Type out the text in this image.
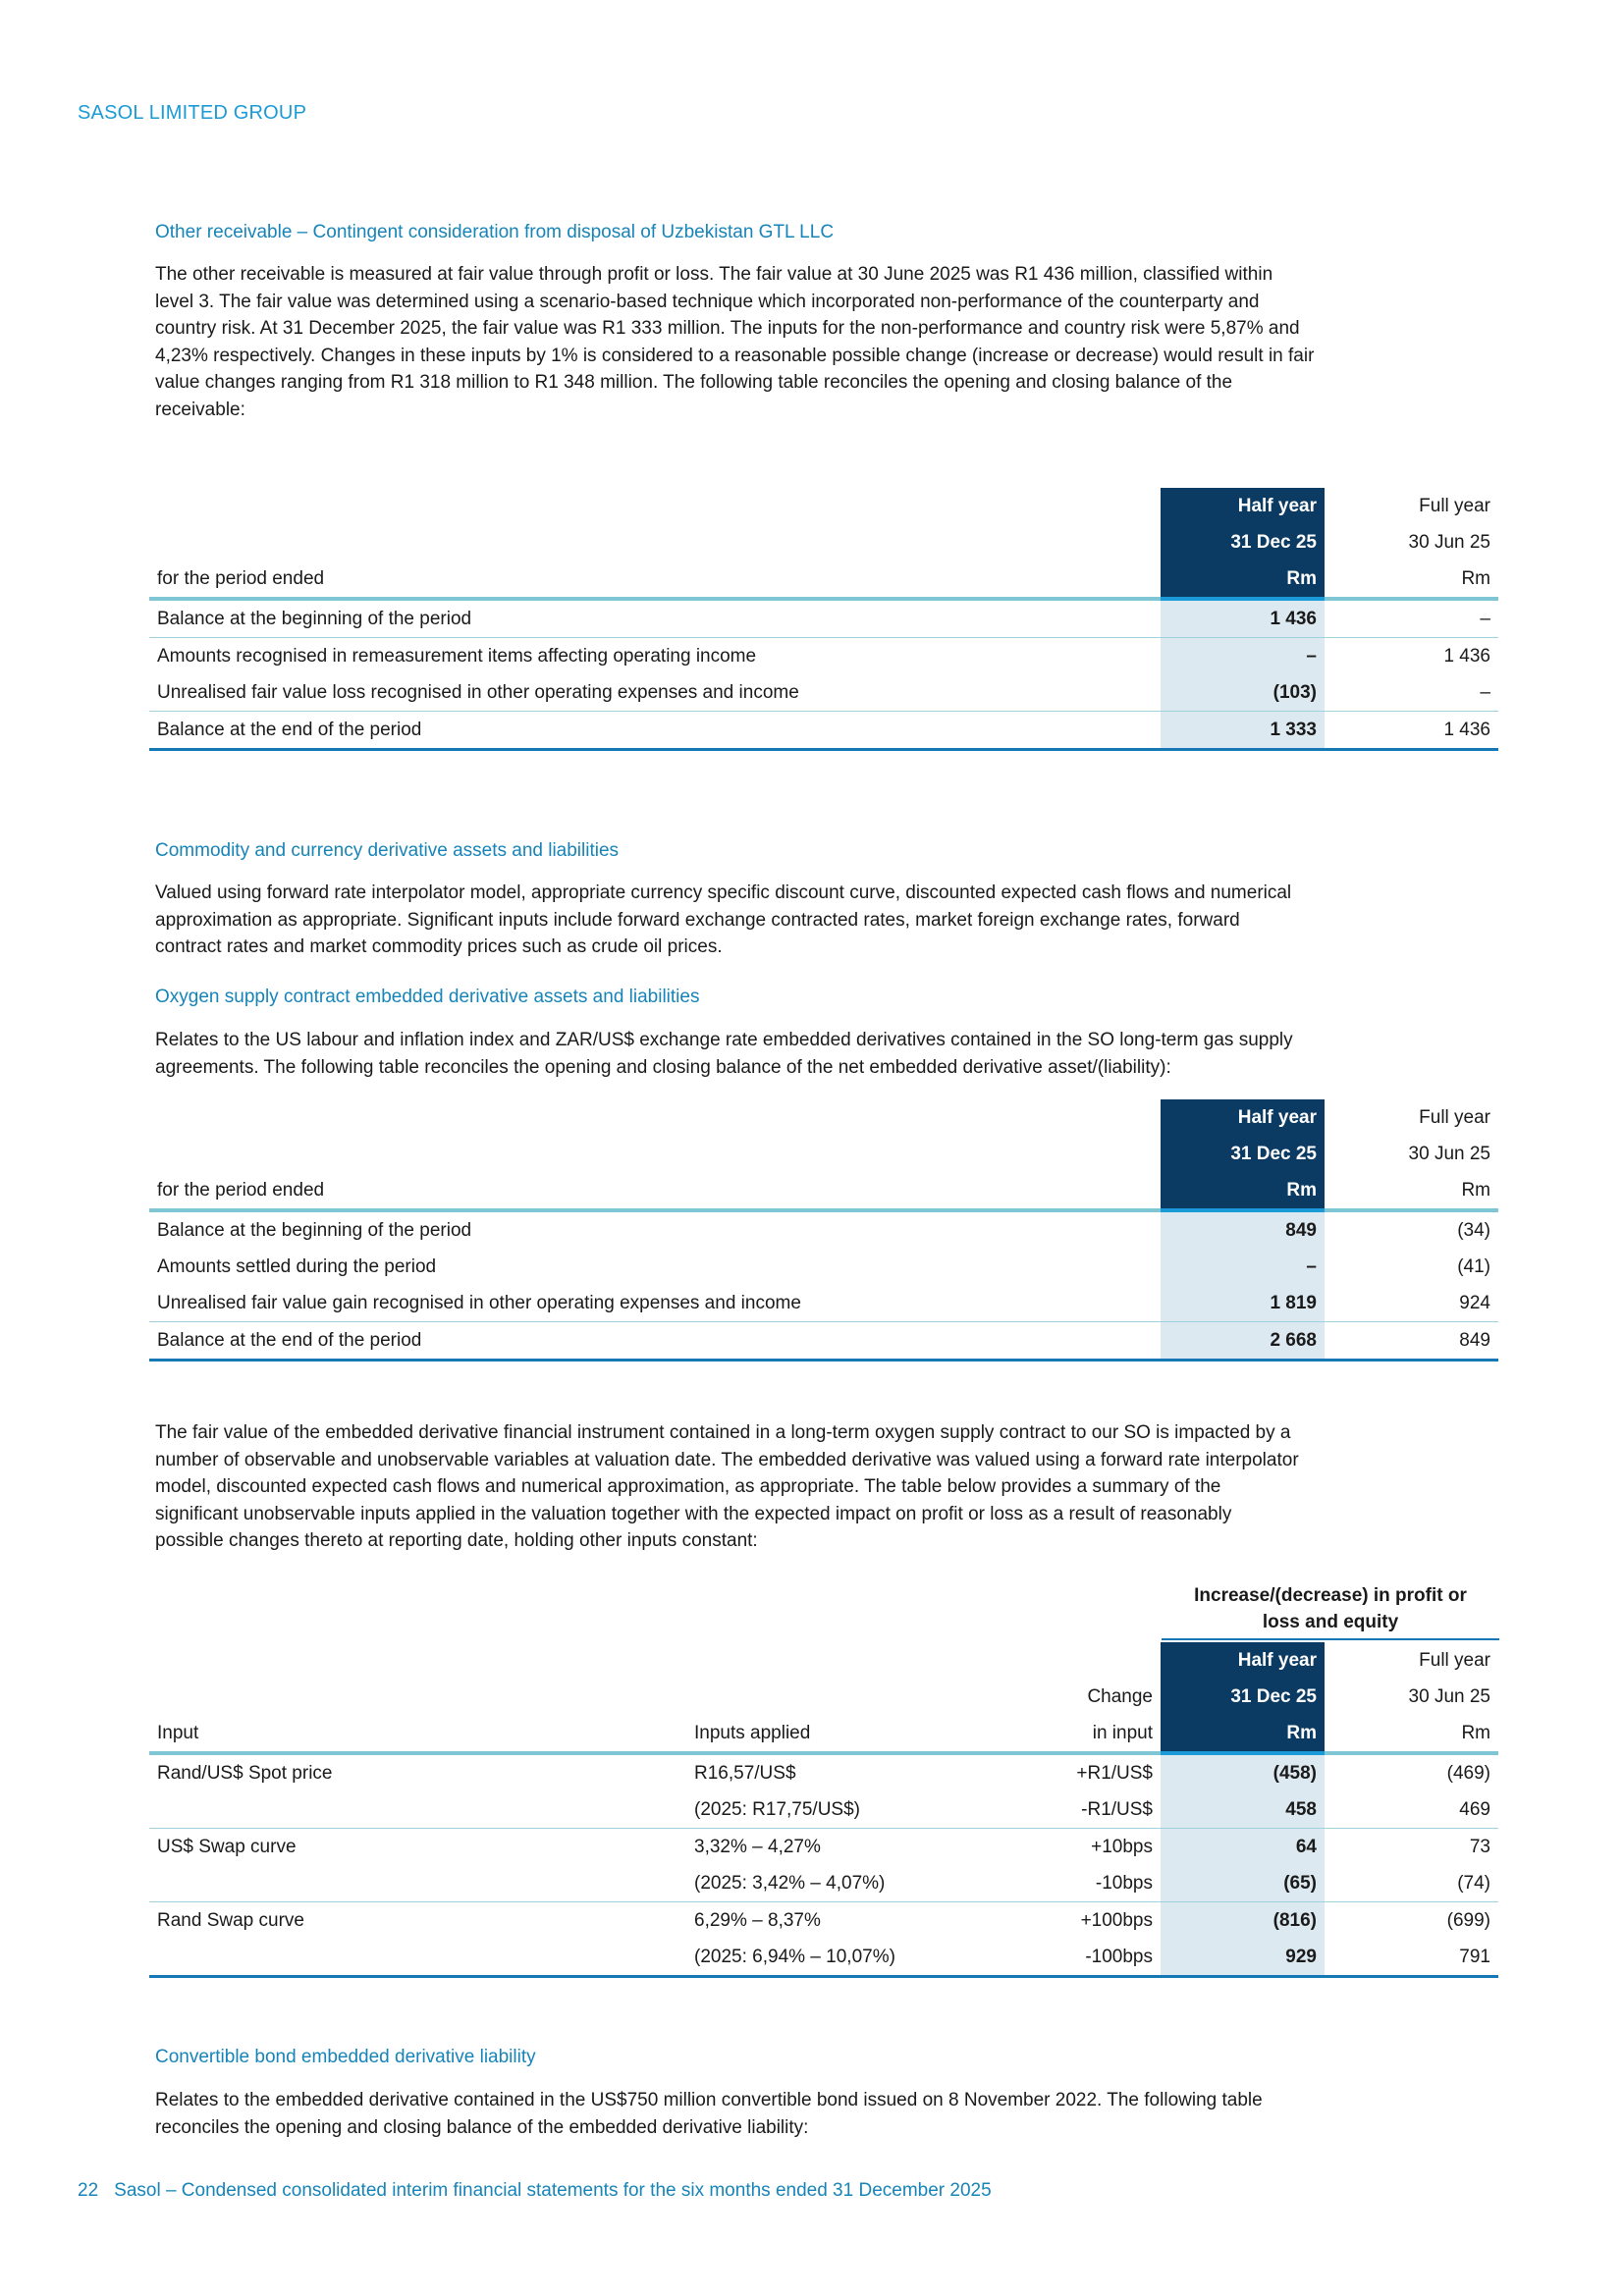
SASOL LIMITED GROUP
Other receivable – Contingent consideration from disposal of Uzbekistan GTL LLC

The other receivable is measured at fair value through profit or loss. The fair value at 30 June 2025 was R1 436 million, classified within

level 3. The fair value was determined using a scenario-based technique which incorporated non-performance of the counterparty and

country risk. At 31 December 2025, the fair value was R1 333 million. The inputs for the non-performance and country risk were 5,87% and

4,23% respectively. Changes in these inputs by 1% is considered to a reasonable possible change (increase or decrease) would result in fair

value changes ranging from R1 318 million to R1 348 million. The following table reconciles the opening and closing balance of the

receivable:

	Half year	Full year
	31 Dec 25	30 Jun 25
for the period ended	Rm	Rm
Balance at the beginning of the period	1 436	–
Amounts recognised in remeasurement items affecting operating income	–	1 436
Unrealised fair value loss recognised in other operating expenses and income	(103)	–
Balance at the end of the period	1 333	1 436
Commodity and currency derivative assets and liabilities

Valued using forward rate interpolator model, appropriate currency specific discount curve, discounted expected cash flows and numerical

approximation as appropriate. Significant inputs include forward exchange contracted rates, market foreign exchange rates, forward

contract rates and market commodity prices such as crude oil prices.

Oxygen supply contract embedded derivative assets and liabilities

Relates to the US labour and inflation index and ZAR/US$ exchange rate embedded derivatives contained in the SO long-term gas supply

agreements. The following table reconciles the opening and closing balance of the net embedded derivative asset/(liability):

	Half year	Full year
	31 Dec 25	30 Jun 25
for the period ended	Rm	Rm
Balance at the beginning of the period	849	(34)
Amounts settled during the period	–	(41)
Unrealised fair value gain recognised in other operating expenses and income	1 819	924
Balance at the end of the period	2 668	849

The fair value of the embedded derivative financial instrument contained in a long-term oxygen supply contract to our SO is impacted by a

number of observable and unobservable variables at valuation date. The embedded derivative was valued using a forward rate interpolator

model, discounted expected cash flows and numerical approximation, as appropriate. The table below provides a summary of the

significant unobservable inputs applied in the valuation together with the expected impact on profit or loss as a result of reasonably

possible changes thereto at reporting date, holding other inputs constant:

Increase/(decrease) in profit or
loss and equity
			Half year	Full year
		Change	31 Dec 25	30 Jun 25
Input	Inputs applied	in input	Rm	Rm
Rand/US$ Spot price	R16,57/US$	+R1/US$	(458)	(469)
	(2025: R17,75/US$)	-R1/US$	458	469
US$ Swap curve	3,32% – 4,27%	+10bps	64	73
	(2025: 3,42% – 4,07%)	-10bps	(65)	(74)
Rand Swap curve	6,29% – 8,37%	+100bps	(816)	(699)
	(2025: 6,94% – 10,07%)	-100bps	929	791
Convertible bond embedded derivative liability

Relates to the embedded derivative contained in the US$750 million convertible bond issued on 8 November 2022. The following table

reconciles the opening and closing balance of the embedded derivative liability:

22 Sasol – Condensed consolidated interim financial statements for the six months ended 31 December 2025
